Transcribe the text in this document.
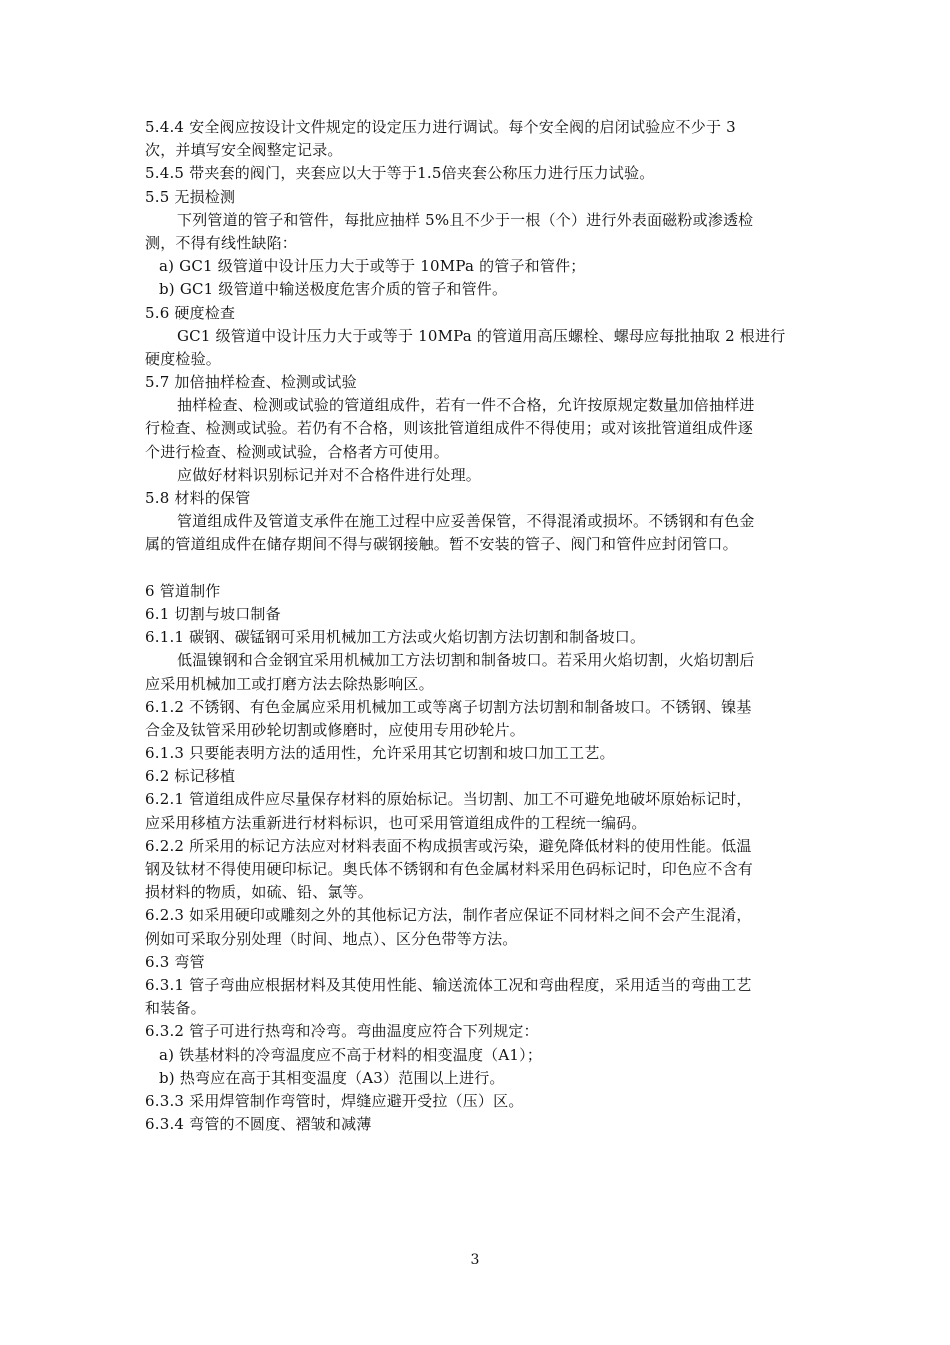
5.4.4 安全阀应按设计文件规定的设定压力进行调试。每个安全阀的启闭试验应不少于 3
次，并填写安全阀整定记录。
5.4.5 带夹套的阀门，夹套应以大于等于1.5倍夹套公称压力进行压力试验。
5.5 无损检测
下列管道的管子和管件，每批应抽样 5%且不少于一根（个）进行外表面磁粉或渗透检
测，不得有线性缺陷：
a) GC1 级管道中设计压力大于或等于 10MPa 的管子和管件；
b) GC1 级管道中输送极度危害介质的管子和管件。
5.6 硬度检查
GC1 级管道中设计压力大于或等于 10MPa 的管道用高压螺栓、螺母应每批抽取 2 根进行
硬度检验。
5.7 加倍抽样检查、检测或试验
抽样检查、检测或试验的管道组成件，若有一件不合格，允许按原规定数量加倍抽样进
行检查、检测或试验。若仍有不合格，则该批管道组成件不得使用；或对该批管道组成件逐
个进行检查、检测或试验，合格者方可使用。
应做好材料识别标记并对不合格件进行处理。
5.8 材料的保管
管道组成件及管道支承件在施工过程中应妥善保管，不得混淆或损坏。不锈钢和有色金
属的管道组成件在储存期间不得与碳钢接触。暂不安装的管子、阀门和管件应封闭管口。
6 管道制作
6.1 切割与坡口制备
6.1.1 碳钢、碳锰钢可采用机械加工方法或火焰切割方法切割和制备坡口。
低温镍钢和合金钢宜采用机械加工方法切割和制备坡口。若采用火焰切割，火焰切割后
应采用机械加工或打磨方法去除热影响区。
6.1.2 不锈钢、有色金属应采用机械加工或等离子切割方法切割和制备坡口。不锈钢、镍基
合金及钛管采用砂轮切割或修磨时，应使用专用砂轮片。
6.1.3 只要能表明方法的适用性，允许采用其它切割和坡口加工工艺。
6.2 标记移植
6.2.1 管道组成件应尽量保存材料的原始标记。当切割、加工不可避免地破坏原始标记时，
应采用移植方法重新进行材料标识，也可采用管道组成件的工程统一编码。
6.2.2 所采用的标记方法应对材料表面不构成损害或污染，避免降低材料的使用性能。低温
钢及钛材不得使用硬印标记。奥氏体不锈钢和有色金属材料采用色码标记时，印色应不含有
损材料的物质，如硫、铅、氯等。
6.2.3 如采用硬印或雕刻之外的其他标记方法，制作者应保证不同材料之间不会产生混淆，
例如可采取分别处理（时间、地点）、区分色带等方法。
6.3 弯管
6.3.1 管子弯曲应根据材料及其使用性能、输送流体工况和弯曲程度，采用适当的弯曲工艺
和装备。
6.3.2 管子可进行热弯和冷弯。弯曲温度应符合下列规定：
a) 铁基材料的冷弯温度应不高于材料的相变温度（A1）；
b) 热弯应在高于其相变温度（A3）范围以上进行。
6.3.3 采用焊管制作弯管时，焊缝应避开受拉（压）区。
6.3.4 弯管的不圆度、褶皱和减薄
3
